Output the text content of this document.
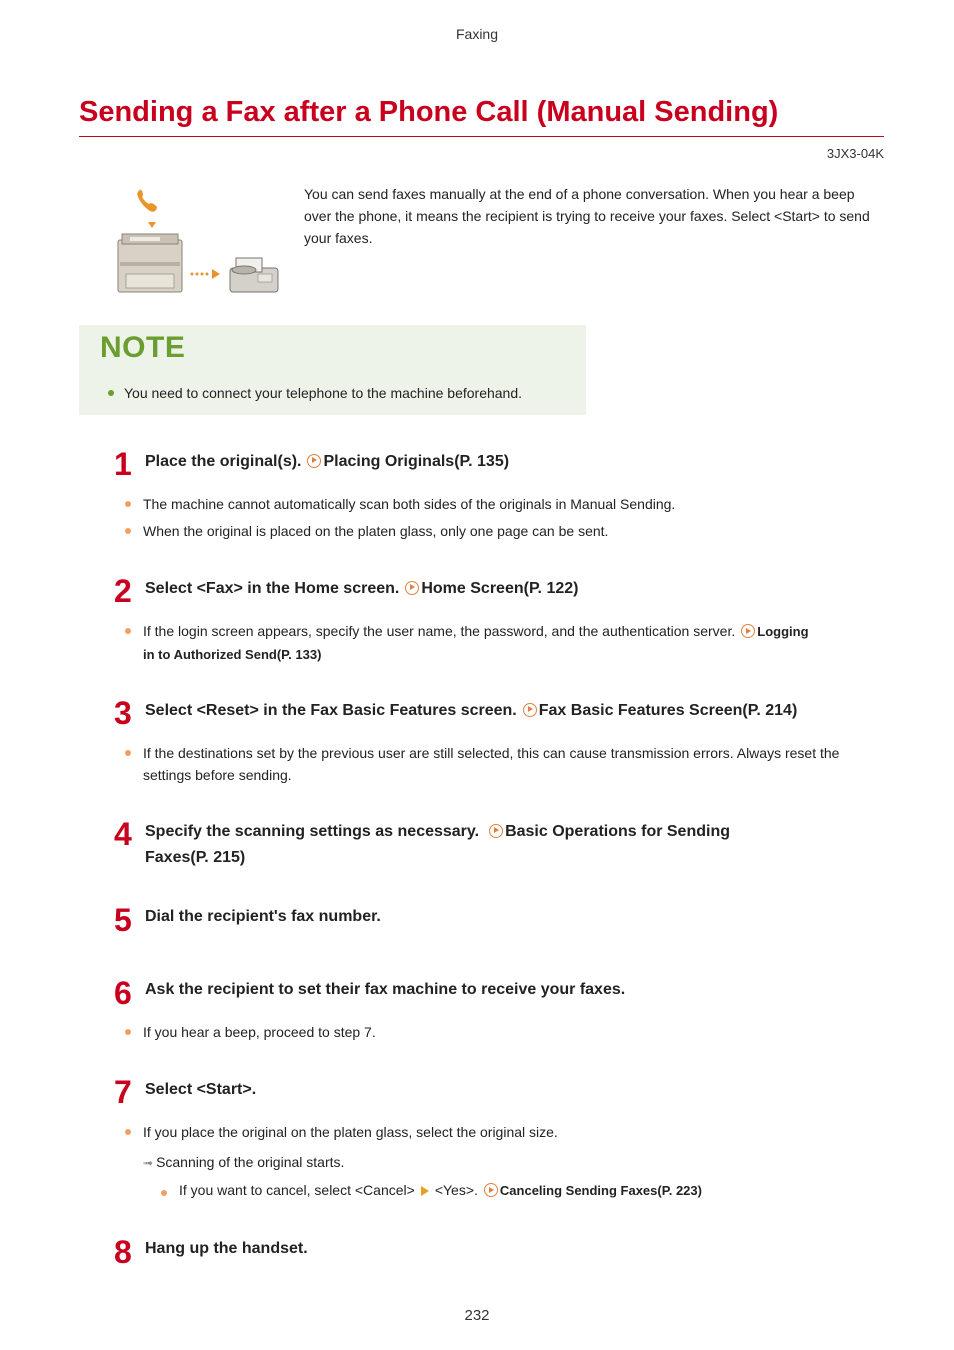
Faxing
Sending a Fax after a Phone Call (Manual Sending)
3JX3-04K
You can send faxes manually at the end of a phone conversation. When you hear a beep over the phone, it means the recipient is trying to receive your faxes. Select <Start> to send your faxes.
NOTE
You need to connect your telephone to the machine beforehand.
1 Place the original(s). Placing Originals(P. 135)
The machine cannot automatically scan both sides of the originals in Manual Sending.
When the original is placed on the platen glass, only one page can be sent.
2 Select <Fax> in the Home screen. Home Screen(P. 122)
If the login screen appears, specify the user name, the password, and the authentication server. Logging
in to Authorized Send(P. 133)
3 Select <Reset> in the Fax Basic Features screen. Fax Basic Features Screen(P. 214)
If the destinations set by the previous user are still selected, this can cause transmission errors. Always reset the settings before sending.
4 Specify the scanning settings as necessary. Basic Operations for Sending
Faxes(P. 215)
5 Dial the recipient's fax number.
6 Ask the recipient to set their fax machine to receive your faxes.
If you hear a beep, proceed to step 7.
7 Select <Start>.
If you place the original on the platen glass, select the original size.
➟ Scanning of the original starts.
If you want to cancel, select <Cancel> <Yes>. Canceling Sending Faxes(P. 223)
8 Hang up the handset.
232
